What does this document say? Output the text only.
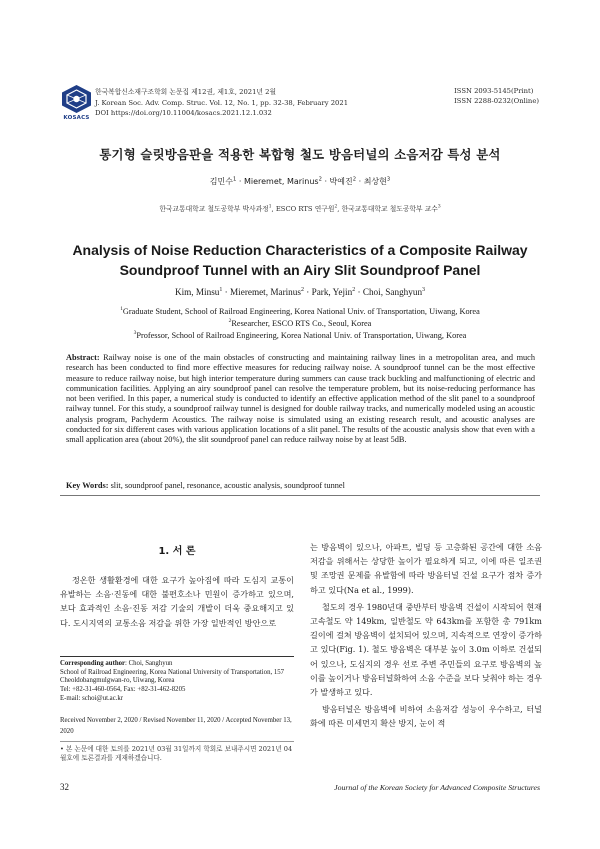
KOSACS
한국복합신소재구조학회 논문집 제12권, 제1호, 2021년 2월
J. Korean Soc. Adv. Comp. Struc. Vol. 12, No. 1, pp. 32-38, February 2021
DOI https://doi.org/10.11004/kosacs.2021.12.1.032
ISSN 2093-5145(Print)
ISSN 2288-0232(Online)
통기형 슬릿방음판을 적용한 복합형 철도 방음터널의 소음저감 특성 분석
김민수$^1$ · Mieremet, Marinus$^2$ · 박예진$^2$ · 최상현$^3$
한국교통대학교 철도공학부 박사과정$^1$, ESCO RTS 연구원$^2$, 한국교통대학교 철도공학부 교수$^3$
Analysis of Noise Reduction Characteristics of a Composite Railway
Soundproof Tunnel with an Airy Slit Soundproof Panel
Kim, Minsu$^1$ · Mieremet, Marinus$^2$ · Park, Yejin$^2$ · Choi, Sanghyun$^3$
$^1$Graduate Student, School of Railroad Engineering, Korea National Univ. of Transportation, Uiwang, Korea
$^2$Researcher, ESCO RTS Co., Seoul, Korea
$^3$Professor, School of Railroad Engineering, Korea National Univ. of Transportation, Uiwang, Korea
Abstract: Railway noise is one of the main obstacles of constructing and maintaining railway lines in a metropolitan area, and much research has been conducted to find more effective measures for reducing railway noise. A soundproof tunnel can be the most effective measure to reduce railway noise, but high interior temperature during summers can cause track buckling and malfunctioning of electric and communication facilities. Applying an airy soundproof panel can resolve the temperature problem, but its noise-reducing performance has not been verified. In this paper, a numerical study is conducted to identify an effective application method of the slit panel to a soundproof railway tunnel. For this study, a soundproof railway tunnel is designed for double railway tracks, and numerically modeled using an acoustic analysis program, Pachyderm Acoustics. The railway noise is simulated using an existing research result, and acoustic analyses are conducted for six different cases with various application locations of a slit panel. The results of the acoustic analysis show that even with a small application area (about 20%), the slit soundproof panel can reduce railway noise by at least 5dB.
Key Words: slit, soundproof panel, resonance, acoustic analysis, soundproof tunnel
1. 서 론

정온한 생활환경에 대한 요구가 높아짐에 따라 도심지 교통이 유발하는 소음·진동에 대한 불편호소나 민원이 증가하고 있으며, 보다 효과적인 소음·진동 저감 기술의 개발이 더욱 중요해지고 있다. 도시지역의 교통소음 저감을 위한 가장 일반적인 방안으로

는 방음벽이 있으나, 아파트, 빌딩 등 고층화된 공간에 대한 소음 저감을 위해서는 상당한 높이가 필요하게 되고, 이에 따른 일조권 및 조망권 문제를 유발함에 따라 방음터널 건설 요구가 점차 증가하고 있다(Na et al., 1999).

철도의 경우 1980년대 중반부터 방음벽 건설이 시작되어 현재 고속철도 약 149km, 일반철도 약 643km를 포함한 총 791km 길이에 걸쳐 방음벽이 설치되어 있으며, 지속적으로 연장이 증가하고 있다(Fig. 1). 철도 방음벽은 대부분 높이 3.0m 이하로 건설되어 있으나, 도심지의 경우 선로 주변 주민들의 요구로 방음벽의 높이를 높이거나 방음터널화하여 소음 수준을 보다 낮춰야 하는 경우가 발생하고 있다.

방음터널은 방음벽에 비하여 소음저감 성능이 우수하고, 터널화에 따른 미세먼지 확산 방지, 눈이 적

Corresponding author: Choi, Sanghyun
School of Railroad Engineering, Korea National University of Transportation, 157 Cheoldobangmulgwan-ro, Uiwang, Korea
Tel: +82-31-460-0564, Fax: +82-31-462-8205
E-mail: schoi@ut.ac.kr
Received November 2, 2020 / Revised November 11, 2020 / Accepted November 13, 2020
• 본 논문에 대한 토의를 2021년 03월 31일까지 학회로 보내주시면 2021년 04월호에 토론결과를 게재하겠습니다.
32	Journal of the Korean Society for Advanced Composite Structures
